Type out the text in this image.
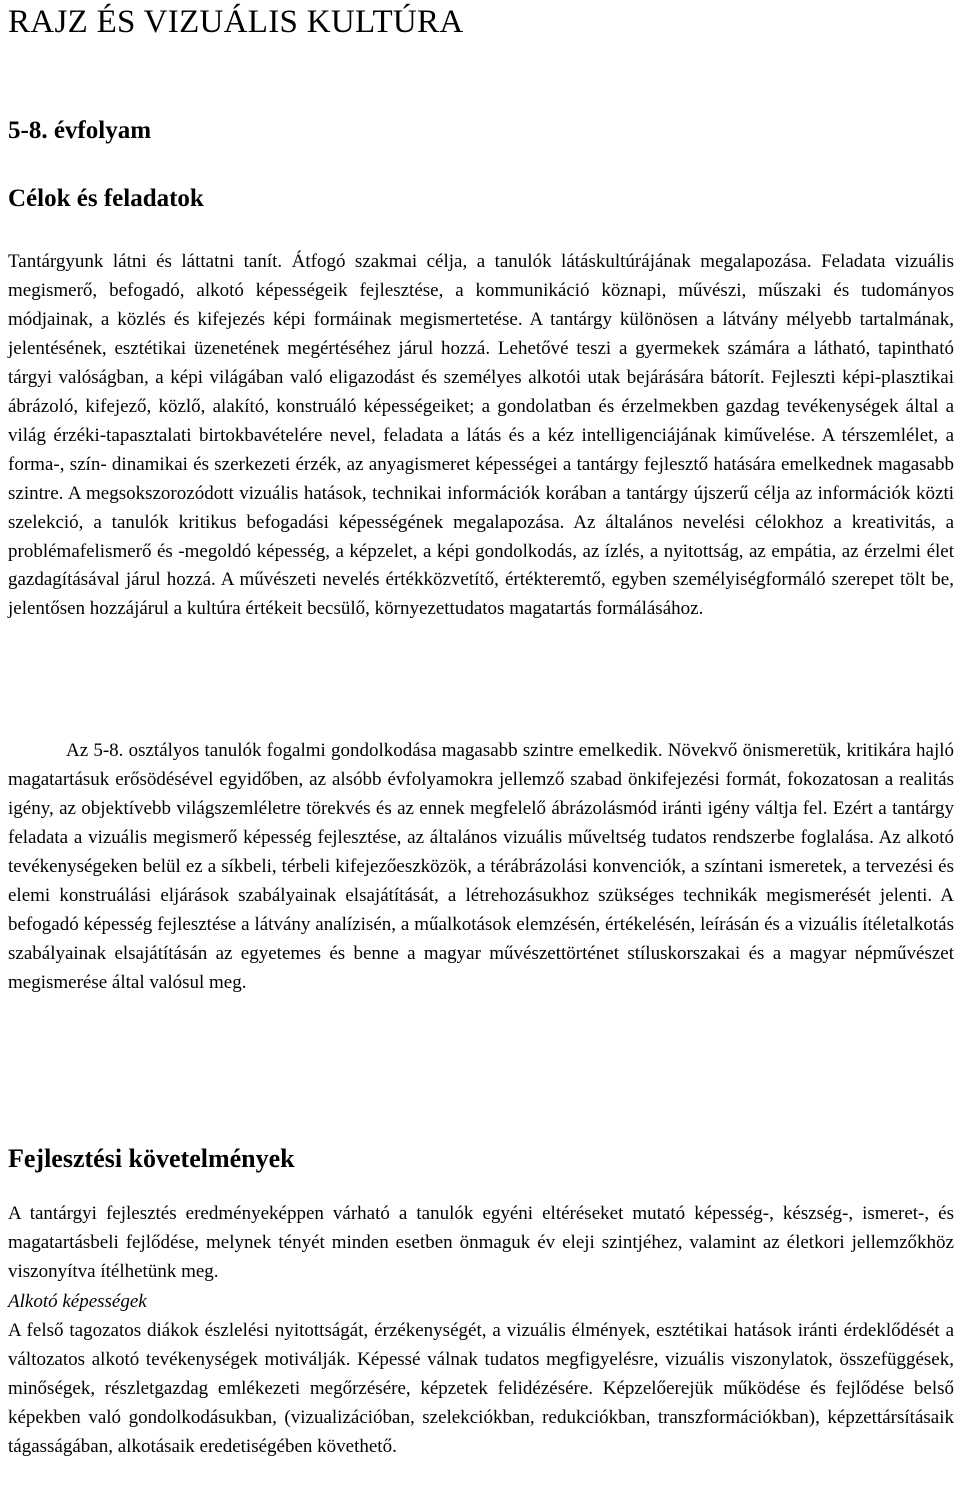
RAJZ ÉS VIZUÁLIS KULTÚRA
5-8. évfolyam
Célok és feladatok

Tantárgyunk látni és láttatni tanít. Átfogó szakmai célja, a tanulók látáskultúrájának megalapozása. Feladata vizuális megismerő, befogadó, alkotó képességeik fejlesztése, a kommunikáció köznapi, művészi, műszaki és tudományos módjainak, a közlés és kifejezés képi formáinak megismertetése. A tantárgy különösen a látvány mélyebb tartalmának, jelentésének, esztétikai üzenetének megértéséhez járul hozzá. Lehetővé teszi a gyermekek számára a látható, tapintható tárgyi valóságban, a képi világában való eligazodást és személyes alkotói utak bejárására bátorít. Fejleszti képi-plasztikai ábrázoló, kifejező, közlő, alakító, konstruáló képességeiket; a gondolatban és érzelmekben gazdag tevékenységek által a világ érzéki-tapasztalati birtokbavételére nevel, feladata a látás és a kéz intelligenciájának kiművelése. A térszemlélet, a forma-, szín- dinamikai és szerkezeti érzék, az anyagismeret képességei a tantárgy fejlesztő hatására emelkednek magasabb szintre. A megsokszorozódott vizuális hatások, technikai információk korában a tantárgy újszerű célja az információk közti szelekció, a tanulók kritikus befogadási képességének megalapozása. Az általános nevelési célokhoz a kreativitás, a problémafelismerő és -megoldó képesség, a képzelet, a képi gondolkodás, az ízlés, a nyitottság, az empátia, az érzelmi élet gazdagításával járul hozzá. A művészeti nevelés értékközvetítő, értékteremtő, egyben személyiségformáló szerepet tölt be, jelentősen hozzájárul a kultúra értékeit becsülő, környezettudatos magatartás formálásához.

Az 5-8. osztályos tanulók fogalmi gondolkodása magasabb szintre emelkedik. Növekvő önismeretük, kritikára hajló magatartásuk erősödésével egyidőben, az alsóbb évfolyamokra jellemző szabad önkifejezési formát, fokozatosan a realitás igény, az objektívebb világszemléletre törekvés és az ennek megfelelő ábrázolásmód iránti igény váltja fel. Ezért a tantárgy feladata a vizuális megismerő képesség fejlesztése, az általános vizuális műveltség tudatos rendszerbe foglalása. Az alkotó tevékenységeken belül ez a síkbeli, térbeli kifejezőeszközök, a térábrázolási konvenciók, a színtani ismeretek, a tervezési és elemi konstruálási eljárások szabályainak elsajátítását, a létrehozásukhoz szükséges technikák megismerését jelenti. A befogadó képesség fejlesztése a látvány analízisén, a műalkotások elemzésén, értékelésén, leírásán és a vizuális ítéletalkotás szabályainak elsajátításán az egyetemes és benne a magyar művészettörténet stíluskorszakai és a magyar népművészet megismerése által valósul meg.

Fejlesztési követelmények

A tantárgyi fejlesztés eredményeképpen várható a tanulók egyéni eltéréseket mutató képesség-, készség-, ismeret-, és magatartásbeli fejlődése, melynek tényét minden esetben önmaguk év eleji szintjéhez, valamint az életkori jellemzőkhöz viszonyítva ítélhetünk meg.

Alkotó képességek

A felső tagozatos diákok észlelési nyitottságát, érzékenységét, a vizuális élmények, esztétikai hatások iránti érdeklődését a változatos alkotó tevékenységek motiválják. Képessé válnak tudatos megfigyelésre, vizuális viszonylatok, összefüggések, minőségek, részletgazdag emlékezeti megőrzésére, képzetek felidézésére. Képzelőerejük működése és fejlődése belső képekben való gondolkodásukban, (vizualizációban, szelekciókban, redukciókban, transzformációkban), képzettársításaik tágasságában, alkotásaik eredetiségében követhető.
